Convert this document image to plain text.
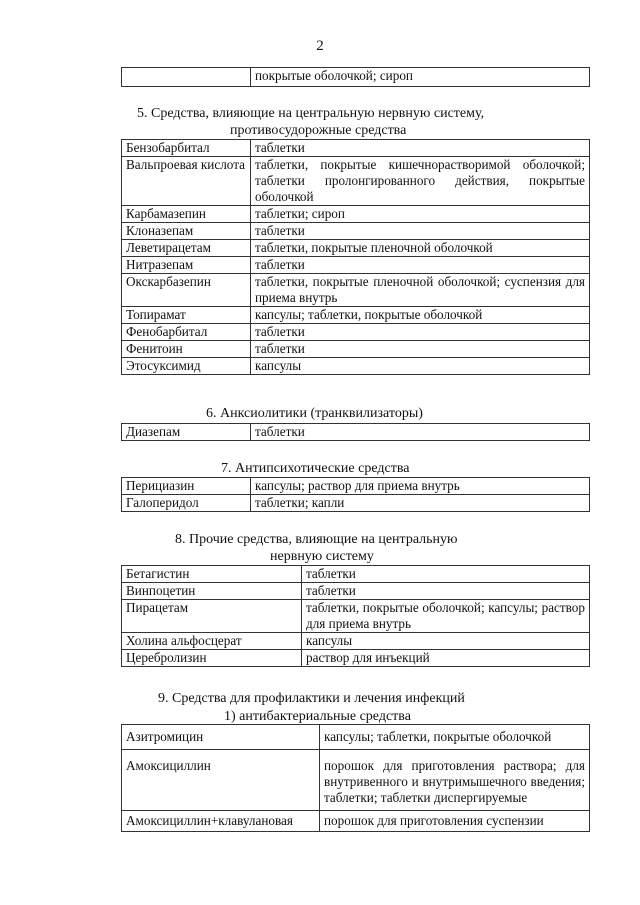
2
	покрытые оболочкой; сироп
5. Средства, влияющие на центральную нервную систему,
противосудорожные средства
Бензобарбитал	таблетки
Вальпроевая кислота	таблетки, покрытые кишечнорастворимой оболочкой; таблетки пролонгированного действия, покрытые оболочкой
Карбамазепин	таблетки; сироп
Клоназепам	таблетки
Леветирацетам	таблетки, покрытые пленочной оболочкой
Нитразепам	таблетки
Окскарбазепин	таблетки, покрытые пленочной оболочкой; суспензия для приема внутрь
Топирамат	капсулы; таблетки, покрытые оболочкой
Фенобарбитал	таблетки
Фенитоин	таблетки
Этосуксимид	капсулы
6. Анксиолитики (транквилизаторы)
Диазепам	таблетки
7. Антипсихотические средства
Перициазин	капсулы; раствор для приема внутрь
Галоперидол	таблетки; капли
8. Прочие средства, влияющие на центральную
нервную систему
Бетагистин	таблетки
Винпоцетин	таблетки
Пирацетам	таблетки, покрытые оболочкой; капсулы; раствор для приема внутрь
Холина альфосцерат	капсулы
Церебролизин	раствор для инъекций
9. Средства для профилактики и лечения инфекций
1) антибактериальные средства
Азитромицин	капсулы; таблетки, покрытые оболочкой
Амоксициллин	порошок для приготовления раствора; для внутривенного и внутримышечного введения; таблетки; таблетки диспергируемые
Амоксициллин+клавулановая	порошок для приготовления суспензии
